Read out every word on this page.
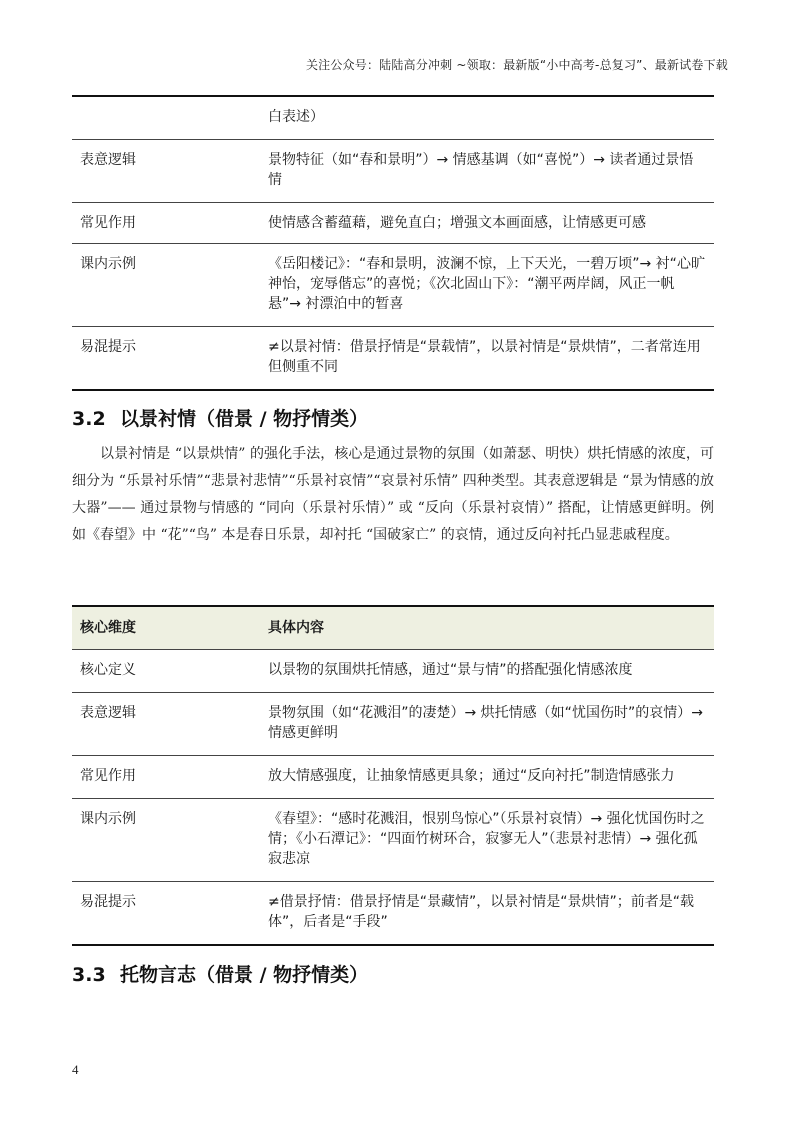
关注公众号：陆陆高分冲刺 ~领取：最新版“小中高考-总复习”、最新试卷下载
	白表述）
表意逻辑	景物特征（如“春和景明”）→ 情感基调（如“喜悦”）→ 读者通过景悟情
常见作用	使情感含蓄蕴藉，避免直白；增强文本画面感，让情感更可感
课内示例	《岳阳楼记》：“春和景明，波澜不惊，上下天光，一碧万顷”→ 衬“心旷神怡，宠辱偕忘”的喜悦；《次北固山下》：“潮平两岸阔，风正一帆悬”→ 衬漂泊中的暂喜
易混提示	≠以景衬情：借景抒情是“景载情”，以景衬情是“景烘情”，二者常连用但侧重不同
3.2 以景衬情（借景 / 物抒情类）

以景衬情是 “以景烘情” 的强化手法，核心是通过景物的氛围（如萧瑟、明快）烘托情感的浓度，可细分为 “乐景衬乐情”“悲景衬悲情”“乐景衬哀情”“哀景衬乐情” 四种类型。其表意逻辑是 “景为情感的放大器”—— 通过景物与情感的 “同向（乐景衬乐情）” 或 “反向（乐景衬哀情）” 搭配，让情感更鲜明。例如《春望》中 “花”“鸟” 本是春日乐景，却衬托 “国破家亡” 的哀情，通过反向衬托凸显悲戚程度。

核心维度	具体内容
核心定义	以景物的氛围烘托情感，通过“景与情”的搭配强化情感浓度
表意逻辑	景物氛围（如“花溅泪”的凄楚）→ 烘托情感（如“忧国伤时”的哀情）→ 情感更鲜明
常见作用	放大情感强度，让抽象情感更具象；通过“反向衬托”制造情感张力
课内示例	《春望》：“感时花溅泪，恨别鸟惊心”（乐景衬哀情）→ 强化忧国伤时之情；《小石潭记》：“四面竹树环合，寂寥无人”（悲景衬悲情）→ 强化孤寂悲凉
易混提示	≠借景抒情：借景抒情是“景藏情”，以景衬情是“景烘情”；前者是“载体”，后者是“手段”
3.3 托物言志（借景 / 物抒情类）
4
